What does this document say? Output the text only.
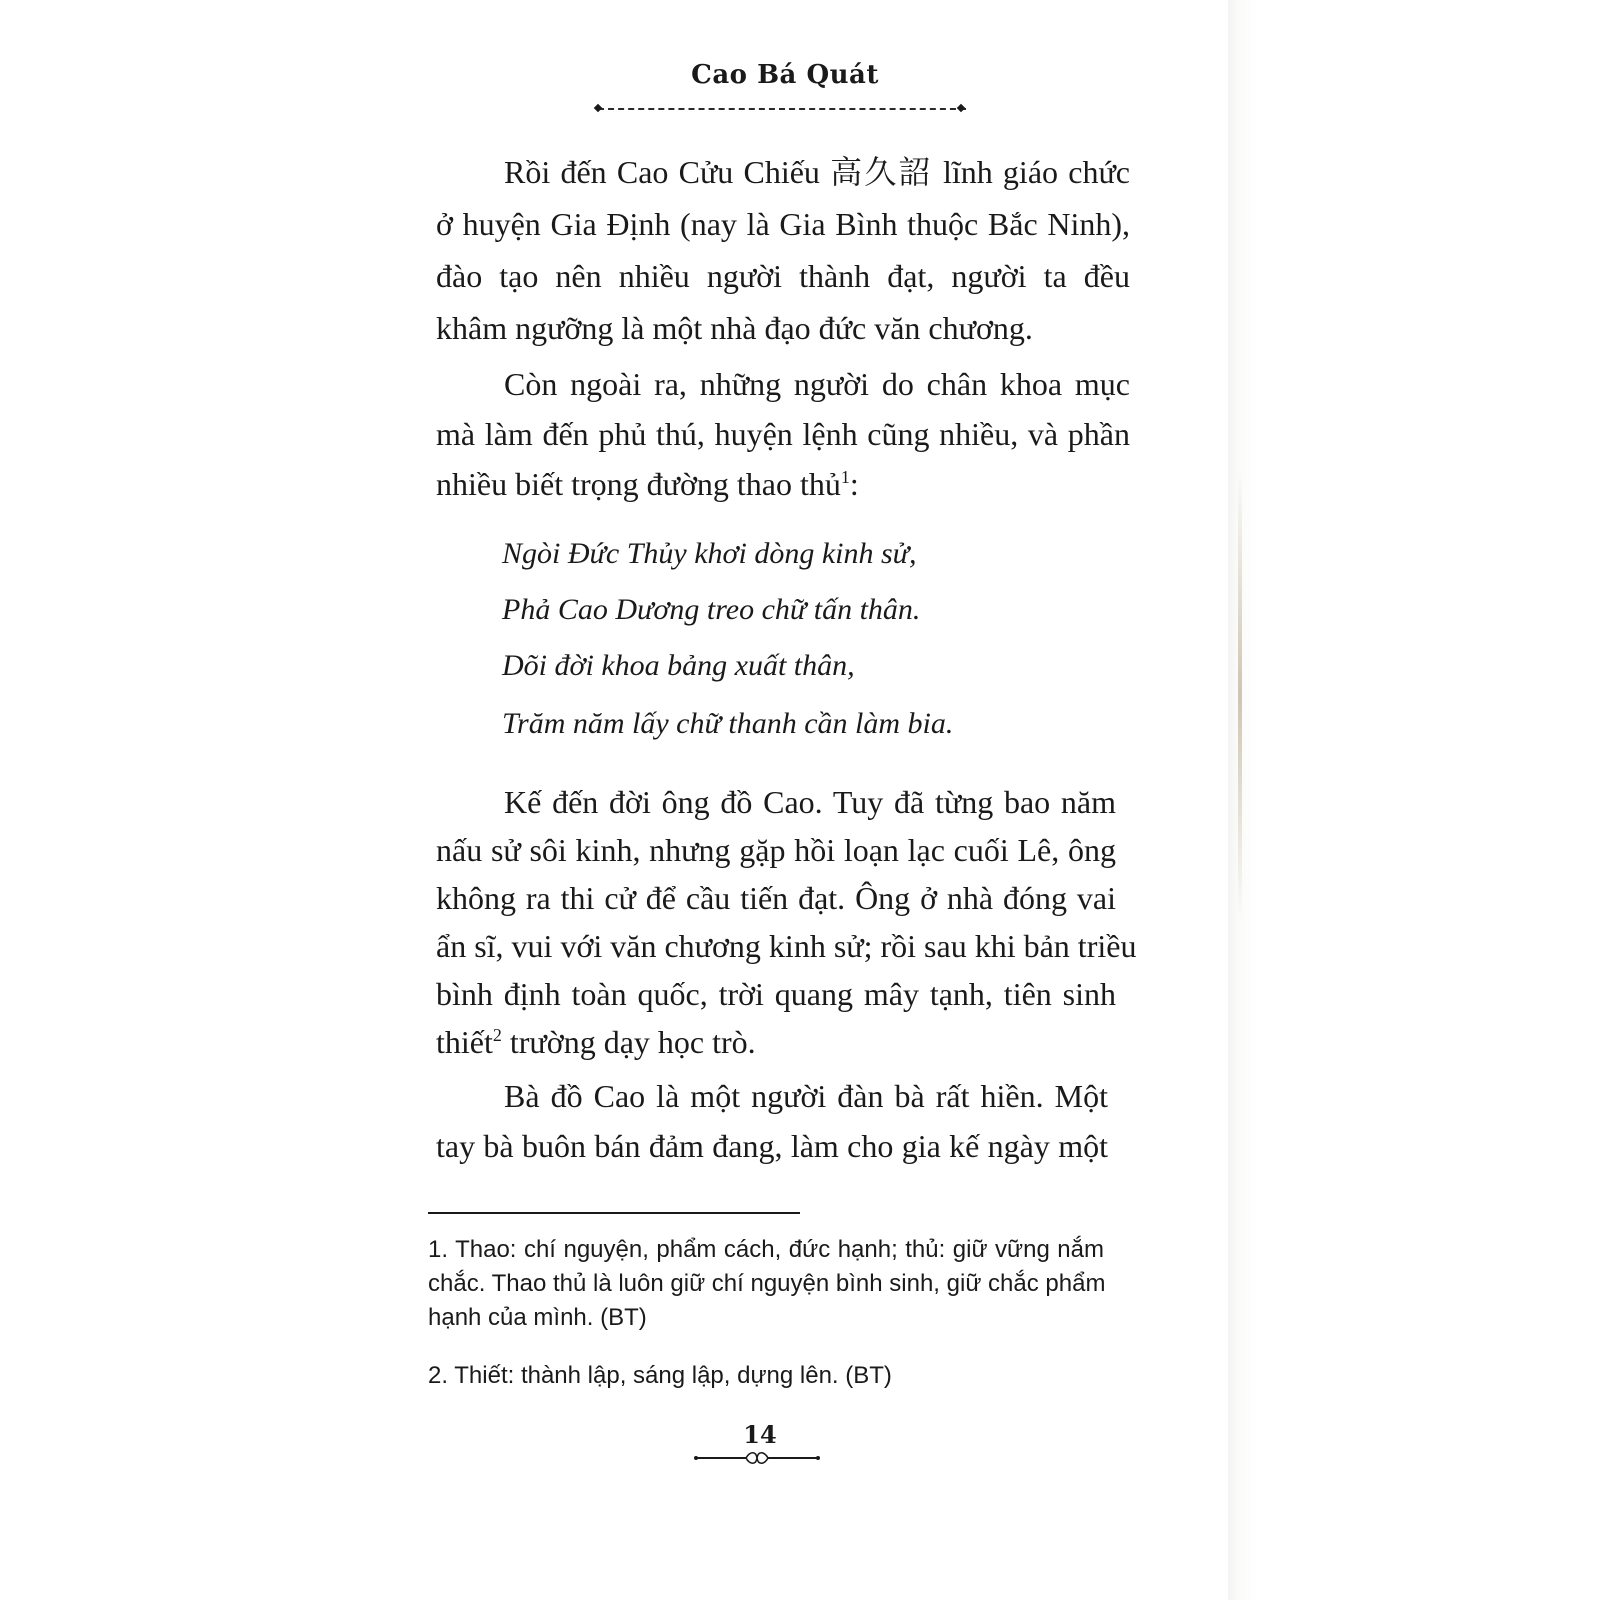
Cao Bá Quát
Rồi đến Cao Cửu Chiếu 高久詔 lĩnh giáo chức
ở huyện Gia Định (nay là Gia Bình thuộc Bắc Ninh),
đào tạo nên nhiều người thành đạt, người ta đều
khâm ngưỡng là một nhà đạo đức văn chương.
Còn ngoài ra, những người do chân khoa mục
mà làm đến phủ thú, huyện lệnh cũng nhiều, và phần
nhiều biết trọng đường thao thủ$^1$:
Ngòi Đức Thủy khơi dòng kinh sử,
Phả Cao Dương treo chữ tấn thân.
Dõi đời khoa bảng xuất thân,
Trăm năm lấy chữ thanh cần làm bia.
Kế đến đời ông đồ Cao. Tuy đã từng bao năm
nấu sử sôi kinh, nhưng gặp hồi loạn lạc cuối Lê, ông
không ra thi cử để cầu tiến đạt. Ông ở nhà đóng vai
ẩn sĩ, vui với văn chương kinh sử; rồi sau khi bản triều
bình định toàn quốc, trời quang mây tạnh, tiên sinh
thiết$^2$ trường dạy học trò.
Bà đồ Cao là một người đàn bà rất hiền. Một
tay bà buôn bán đảm đang, làm cho gia kế ngày một
1. Thao: chí nguyện, phẩm cách, đức hạnh; thủ: giữ vững nắm
chắc. Thao thủ là luôn giữ chí nguyện bình sinh, giữ chắc phẩm
hạnh của mình. (BT)
2. Thiết: thành lập, sáng lập, dựng lên. (BT)
14
